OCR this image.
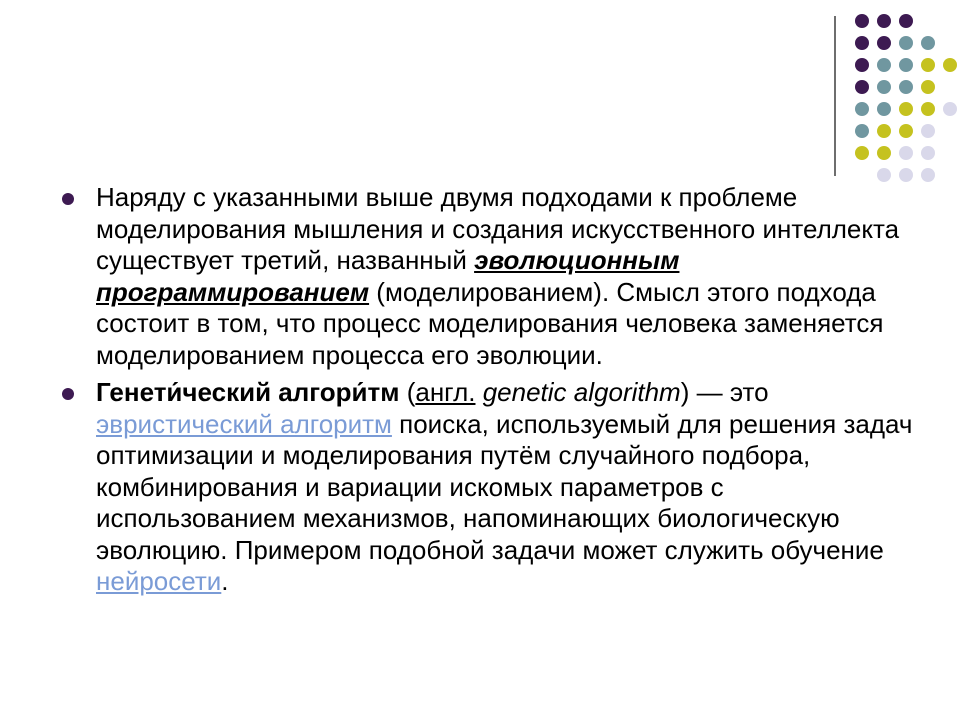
Наряду с указанными выше двумя подходами к проблеме моделирования мышления и создания искусственного интеллекта существует третий, названный эволюционным программированием (моделированием). Смысл этого подхода состоит в том, что процесс моделирования человека заменяется моделированием процесса его эволюции.
Генети́ческий алгори́тм (англ. genetic algorithm) — это эвристический алгоритм поиска, используемый для решения задач оптимизации и моделирования путём случайного подбора, комбинирования и вариации искомых параметров с использованием механизмов, напоминающих биологическую эволюцию. Примером подобной задачи может служить обучение нейросети.
